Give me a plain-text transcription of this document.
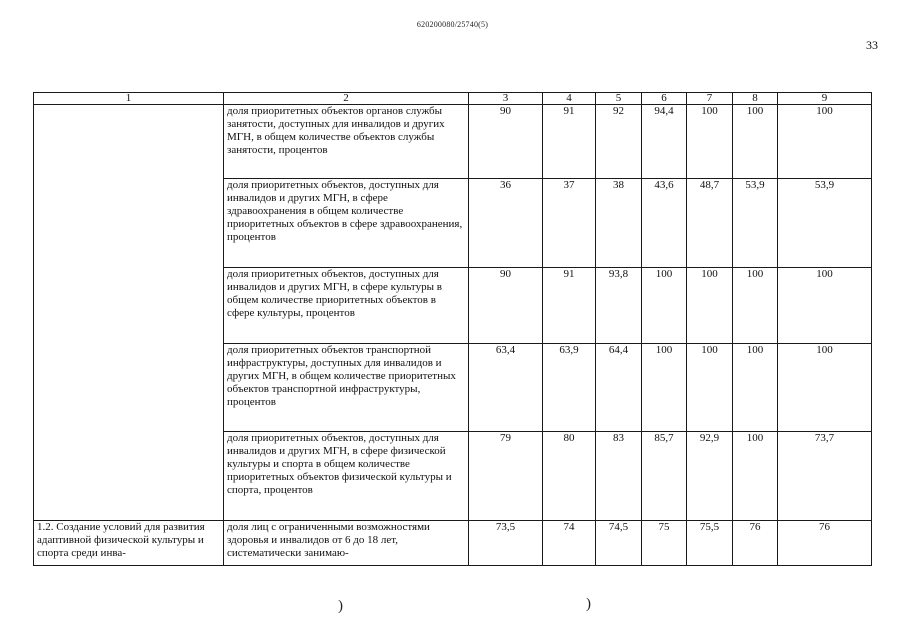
620200080/25740(5)
33
1	2	3	4	5	6	7	8	9
	доля приоритетных объектов органов службы занятости, доступных для инвалидов и других МГН, в общем количестве объектов службы занятости, процентов	90	91	92	94,4	100	100	100
	доля приоритетных объектов, доступных для инвалидов и других МГН, в сфере здравоохранения в общем количестве приоритетных объектов в сфере здравоохранения, процентов	36	37	38	43,6	48,7	53,9	53,9
	доля приоритетных объектов, доступных для инвалидов и других МГН, в сфере культуры в общем количестве приоритетных объектов в сфере культуры, процентов	90	91	93,8	100	100	100	100
	доля приоритетных объектов транспортной инфраструктуры, доступных для инвалидов и других МГН, в общем количестве приоритетных объектов транспортной инфраструктуры, процентов	63,4	63,9	64,4	100	100	100	100
	доля приоритетных объектов, доступных для инвалидов и других МГН, в сфере физической культуры и спорта в общем количестве приоритетных объектов физической культуры и спорта, процентов	79	80	83	85,7	92,9	100	73,7
1.2. Создание условий для развития адаптивной физической культуры и спорта среди инва-	доля лиц с ограниченными возможностями здоровья и инвалидов от 6 до 18 лет, систематически занимаю-	73,5	74	74,5	75	75,5	76	76
)	)
